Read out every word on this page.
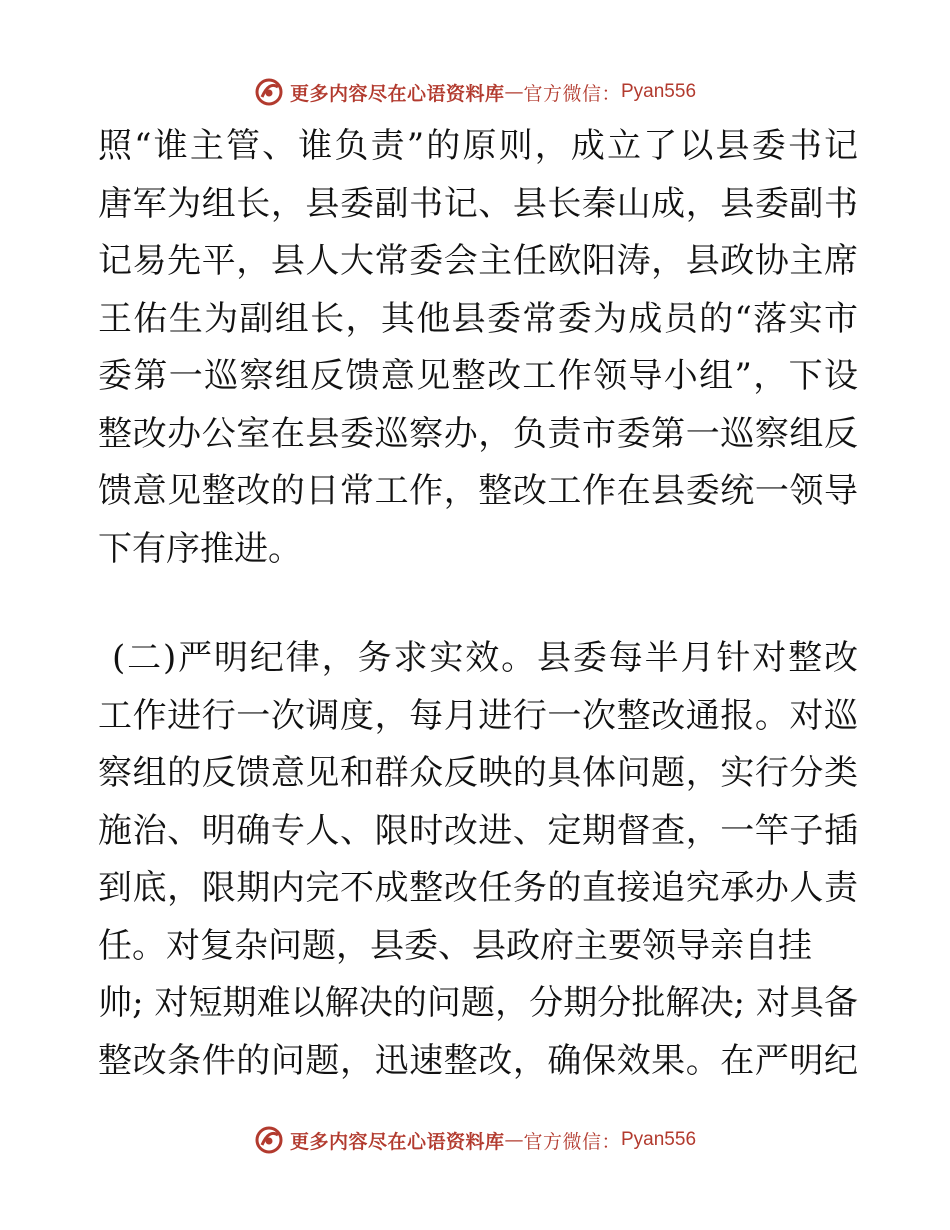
更多内容尽在心语资料库 — 官方微信： Pyan556
照“谁主管、谁负责”的原则，成立了以县委书记
唐军为组长，县委副书记、县长秦山成，县委副书
记易先平，县人大常委会主任欧阳涛，县政协主席
王佑生为副组长，其他县委常委为成员的“落实市
委第一巡察组反馈意见整改工作领导小组”，下设
整改办公室在县委巡察办，负责市委第一巡察组反
馈意见整改的日常工作，整改工作在县委统一领导
下有序推进。
(二)严明纪律，务求实效。县委每半月针对整改
工作进行一次调度，每月进行一次整改通报。对巡
察组的反馈意见和群众反映的具体问题，实行分类
施治、明确专人、限时改进、定期督查，一竿子插
到底，限期内完不成整改任务的直接追究承办人责
任。对复杂问题，县委、县政府主要领导亲自挂
帅; 对短期难以解决的问题，分期分批解决; 对具备
整改条件的问题，迅速整改，确保效果。在严明纪
更多内容尽在心语资料库 — 官方微信： Pyan556
